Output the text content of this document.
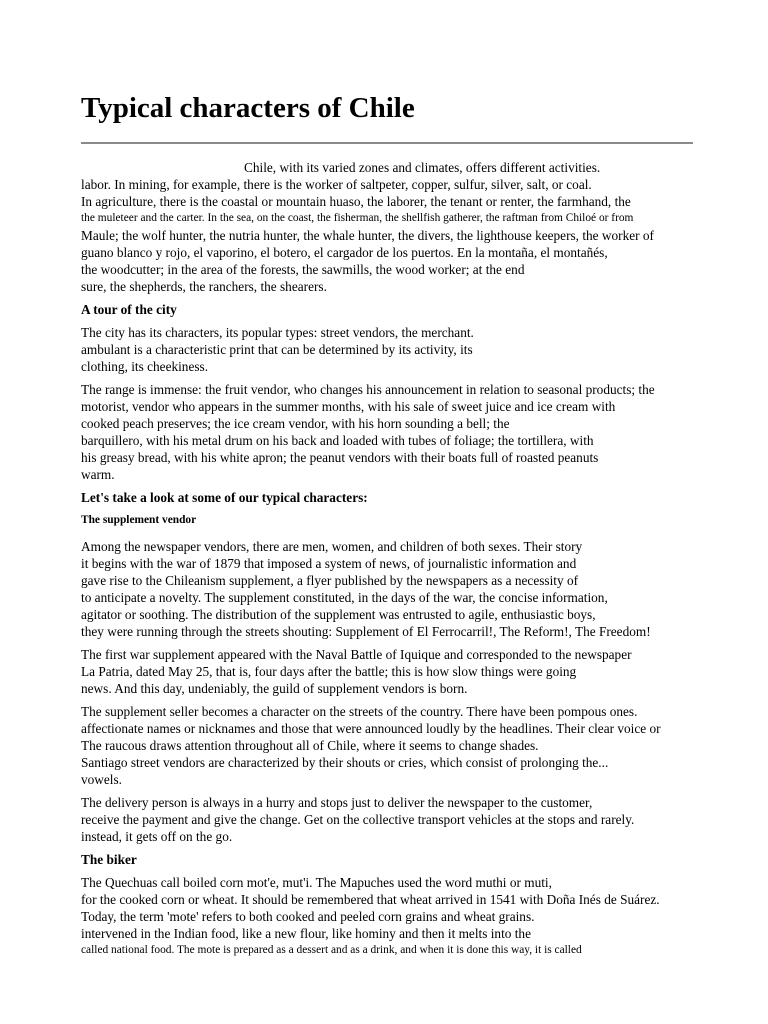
Typical characters of Chile
Chile, with its varied zones and climates, offers different activities.
labor. In mining, for example, there is the worker of saltpeter, copper, sulfur, silver, salt, or coal.
In agriculture, there is the coastal or mountain huaso, the laborer, the tenant or renter, the farmhand, the
the muleteer and the carter. In the sea, on the coast, the fisherman, the shellfish gatherer, the raftman from Chiloé or from
Maule; the wolf hunter, the nutria hunter, the whale hunter, the divers, the lighthouse keepers, the worker of
guano blanco y rojo, el vaporino, el botero, el cargador de los puertos. En la montaña, el montañés,
the woodcutter; in the area of the forests, the sawmills, the wood worker; at the end
sure, the shepherds, the ranchers, the shearers.
A tour of the city
The city has its characters, its popular types: street vendors, the merchant.
ambulant is a characteristic print that can be determined by its activity, its
clothing, its cheekiness.
The range is immense: the fruit vendor, who changes his announcement in relation to seasonal products; the
motorist, vendor who appears in the summer months, with his sale of sweet juice and ice cream with
cooked peach preserves; the ice cream vendor, with his horn sounding a bell; the
barquillero, with his metal drum on his back and loaded with tubes of foliage; the tortillera, with
his greasy bread, with his white apron; the peanut vendors with their boats full of roasted peanuts
warm.
Let's take a look at some of our typical characters:
The supplement vendor
Among the newspaper vendors, there are men, women, and children of both sexes. Their story
it begins with the war of 1879 that imposed a system of news, of journalistic information and
gave rise to the Chileanism supplement, a flyer published by the newspapers as a necessity of
to anticipate a novelty. The supplement constituted, in the days of the war, the concise information,
agitator or soothing. The distribution of the supplement was entrusted to agile, enthusiastic boys,
they were running through the streets shouting: Supplement of El Ferrocarril!, The Reform!, The Freedom!
The first war supplement appeared with the Naval Battle of Iquique and corresponded to the newspaper
La Patria, dated May 25, that is, four days after the battle; this is how slow things were going
news. And this day, undeniably, the guild of supplement vendors is born.
The supplement seller becomes a character on the streets of the country. There have been pompous ones.
affectionate names or nicknames and those that were announced loudly by the headlines. Their clear voice or
The raucous draws attention throughout all of Chile, where it seems to change shades.
Santiago street vendors are characterized by their shouts or cries, which consist of prolonging the...
vowels.
The delivery person is always in a hurry and stops just to deliver the newspaper to the customer,
receive the payment and give the change. Get on the collective transport vehicles at the stops and rarely.
instead, it gets off on the go.
The biker
The Quechuas call boiled corn mot'e, mut'i. The Mapuches used the word muthi or muti,
for the cooked corn or wheat. It should be remembered that wheat arrived in 1541 with Doña Inés de Suárez.
Today, the term 'mote' refers to both cooked and peeled corn grains and wheat grains.
intervened in the Indian food, like a new flour, like hominy and then it melts into the
called national food. The mote is prepared as a dessert and as a drink, and when it is done this way, it is called
